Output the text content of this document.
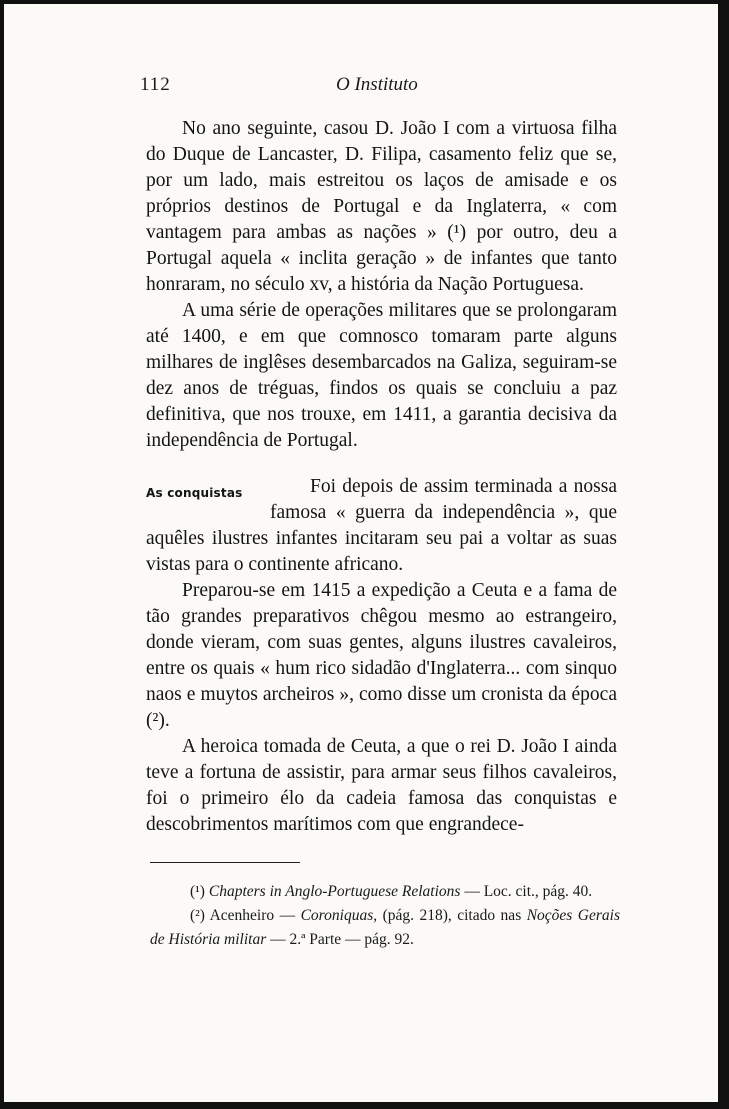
112	O Instituto

No ano seguinte, casou D. João I com a virtuosa filha do Duque de Lancaster, D. Filipa, casamento feliz que se, por um lado, mais estreitou os laços de amisade e os próprios destinos de Portugal e da Inglaterra, « com vantagem para ambas as nações » (¹) por outro, deu a Portugal aquela « inclita geração » de infantes que tanto honraram, no século xv, a história da Nação Portuguesa.

A uma série de operações militares que se prolongaram até 1400, e em que comnosco tomaram parte alguns milhares de inglêses desembarcados na Galiza, seguiram-se dez anos de tréguas, findos os quais se concluiu a paz definitiva, que nos trouxe, em 1411, a garantia decisiva da independência de Portugal.

As conquistas	Foi depois de assim terminada a nossa famosa « guerra da independência », que aquêles ilustres infantes incitaram seu pai a voltar as suas vistas para o continente africano.

Preparou-se em 1415 a expedição a Ceuta e a fama de tão grandes preparativos chêgou mesmo ao estrangeiro, donde vieram, com suas gentes, alguns ilustres cavaleiros, entre os quais « hum rico sidadão d'Inglaterra... com sinquo naos e muytos archeiros », como disse um cronista da época (²).

A heroica tomada de Ceuta, a que o rei D. João I ainda teve a fortuna de assistir, para armar seus filhos cavaleiros, foi o primeiro élo da cadeia famosa das conquistas e descobrimentos marítimos com que engrandece-

(¹) Chapters in Anglo-Portuguese Relations — Loc. cit., pág. 40.

(²) Acenheiro — Coroniquas, (pág. 218), citado nas Noções Gerais de História militar — 2.ª Parte — pág. 92.
